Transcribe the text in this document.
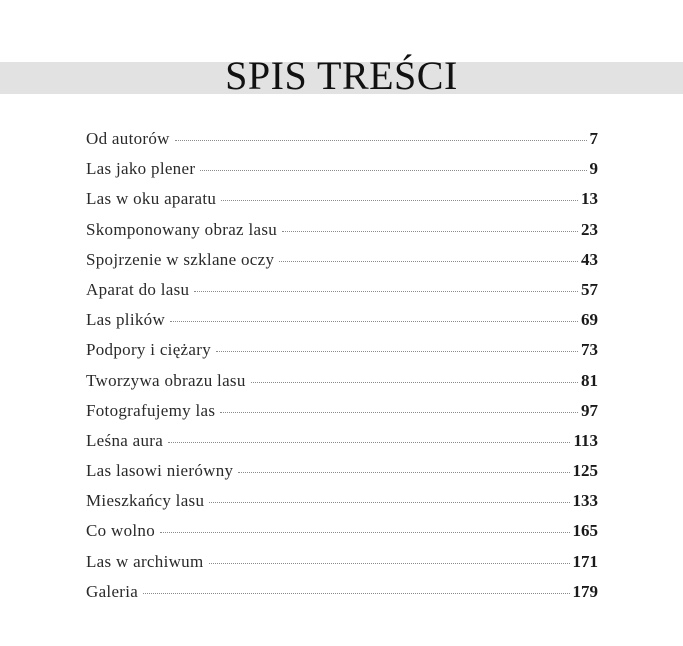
SPIS TREŚCI
Od autorów	7
Las jako plener	9
Las w oku aparatu	13
Skomponowany obraz lasu	23
Spojrzenie w szklane oczy	43
Aparat do lasu	57
Las plików	69
Podpory i ciężary	73
Tworzywa obrazu lasu	81
Fotografujemy las	97
Leśna aura	113
Las lasowi nierówny	125
Mieszkańcy lasu	133
Co wolno	165
Las w archiwum	171
Galeria	179
